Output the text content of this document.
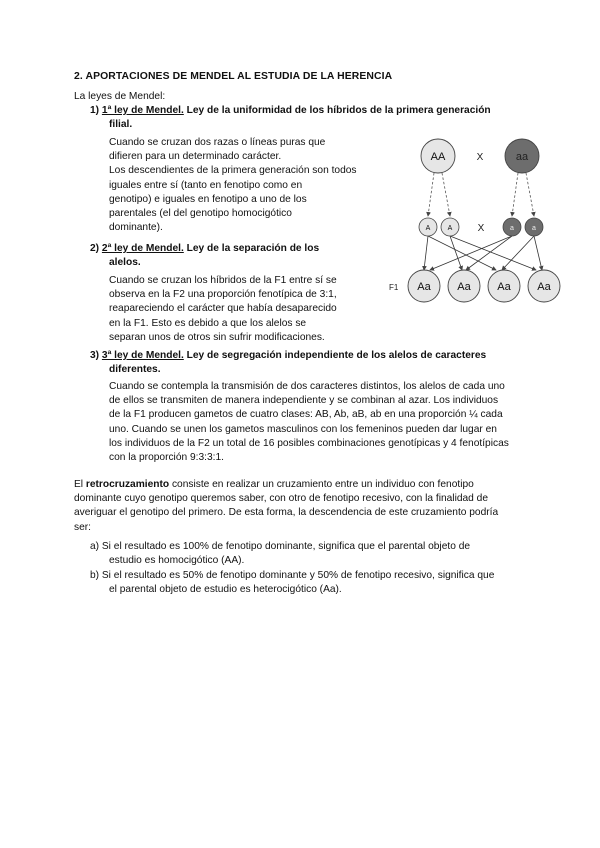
2. APORTACIONES DE MENDEL AL ESTUDIA DE LA HERENCIA
La leyes de Mendel:
1) 1ª ley de Mendel. Ley de la uniformidad de los híbridos de la primera generación
filial.

Cuando se cruzan dos razas o líneas puras que

difieren para un determinado carácter.

Los descendientes de la primera generación son todos

iguales entre sí (tanto en fenotipo como en

genotipo) e iguales en fenotipo a uno de los

parentales (el del genotipo homocigótico

dominante).

2) 2ª ley de Mendel. Ley de la separación de los
alelos.

Cuando se cruzan los híbridos de la F1 entre sí se

observa en la F2 una proporción fenotípica de 3:1,

reapareciendo el carácter que había desaparecido

en la F1. Esto es debido a que los alelos se

separan unos de otros sin sufrir modificaciones.

3) 3ª ley de Mendel. Ley de segregación independiente de los alelos de caracteres
diferentes.

Cuando se contempla la transmisión de dos caracteres distintos, los alelos de cada uno

de ellos se transmiten de manera independiente y se combinan al azar. Los individuos

de la F1 producen gametos de cuatro clases: AB, Ab, aB, ab en una proporción ¼ cada

uno. Cuando se unen los gametos masculinos con los femeninos pueden dar lugar en

los individuos de la F2 un total de 16 posibles combinaciones genotípicas y 4 fenotípicas

con la proporción 9:3:3:1.

El retrocruzamiento consiste en realizar un cruzamiento entre un individuo con fenotipo

dominante cuyo genotipo queremos saber, con otro de fenotipo recesivo, con la finalidad de

averiguar el genotipo del primero. De esta forma, la descendencia de este cruzamiento podría

ser:

a) Si el resultado es 100% de fenotipo dominante, significa que el parental objeto de

estudio es homocigótico (AA).

b) Si el resultado es 50% de fenotipo dominante y 50% de fenotipo recesivo, significa que

el parental objeto de estudio es heterocigótico (Aa).

AA	X	aa
A A	X	a	a
F1 Aa Aa Aa Aa
